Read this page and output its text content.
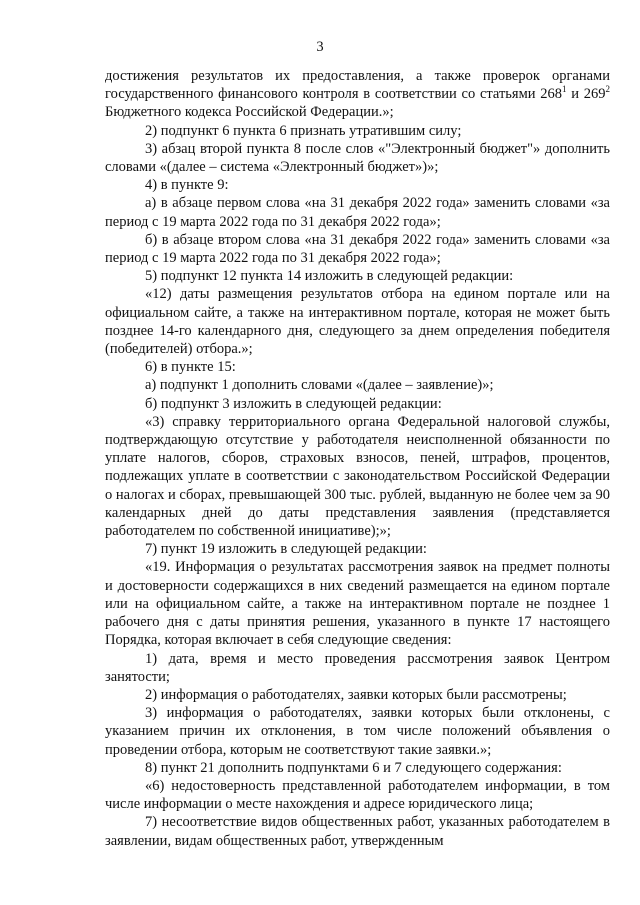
3

достижения результатов их предоставления, а также проверок органами государственного финансового контроля в соответствии со статьями $268^1$ и $269^2$ Бюджетного кодекса Российской Федерации.»;

2) подпункт 6 пункта 6 признать утратившим силу;

3) абзац второй пункта 8 после слов «"Электронный бюджет"» дополнить словами «(далее – система «Электронный бюджет»)»;

4) в пункте 9:

а) в абзаце первом слова «на 31 декабря 2022 года» заменить словами «за период с 19 марта 2022 года по 31 декабря 2022 года»;

б) в абзаце втором слова «на 31 декабря 2022 года» заменить словами «за период с 19 марта 2022 года по 31 декабря 2022 года»;

5) подпункт 12 пункта 14 изложить в следующей редакции:

«12) даты размещения результатов отбора на едином портале или на официальном сайте, а также на интерактивном портале, которая не может быть позднее 14-го календарного дня, следующего за днем определения победителя (победителей) отбора.»;

6) в пункте 15:

а) подпункт 1 дополнить словами «(далее – заявление)»;

б) подпункт 3 изложить в следующей редакции:

«3) справку территориального органа Федеральной налоговой службы, подтверждающую отсутствие у работодателя неисполненной обязанности по уплате налогов, сборов, страховых взносов, пеней, штрафов, процентов, подлежащих уплате в соответствии с законодательством Российской Федерации о налогах и сборах, превышающей 300 тыс. рублей, выданную не более чем за 90 календарных дней до даты представления заявления (представляется работодателем по собственной инициативе);»;

7) пункт 19 изложить в следующей редакции:

«19. Информация о результатах рассмотрения заявок на предмет полноты и достоверности содержащихся в них сведений размещается на едином портале или на официальном сайте, а также на интерактивном портале не позднее 1 рабочего дня с даты принятия решения, указанного в пункте 17 настоящего Порядка, которая включает в себя следующие сведения:

1) дата, время и место проведения рассмотрения заявок Центром занятости;

2) информация о работодателях, заявки которых были рассмотрены;

3) информация о работодателях, заявки которых были отклонены, с указанием причин их отклонения, в том числе положений объявления о проведении отбора, которым не соответствуют такие заявки.»;

8) пункт 21 дополнить подпунктами 6 и 7 следующего содержания:

«6) недостоверность представленной работодателем информации, в том числе информации о месте нахождения и адресе юридического лица;

7) несоответствие видов общественных работ, указанных работодателем в заявлении, видам общественных работ, утвержденным
